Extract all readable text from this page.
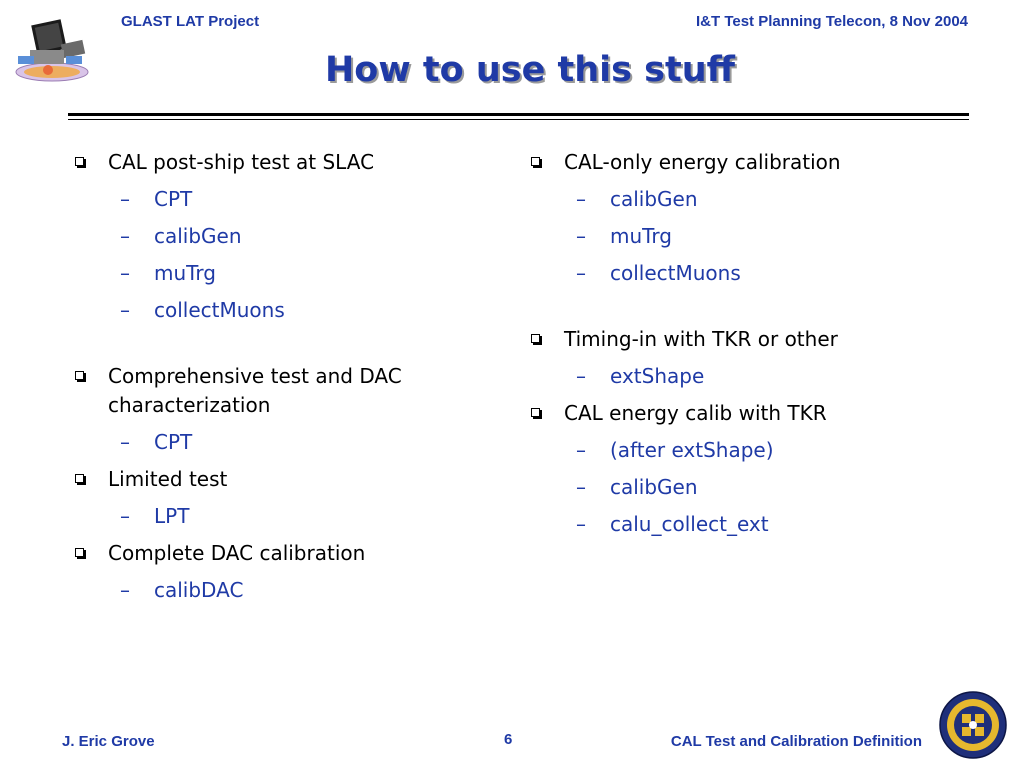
GLAST LAT Project	I&T Test Planning Telecon, 8 Nov 2004
How to use this stuff
CAL post-ship test at SLAC
– CPT
– calibGen
– muTrg
– collectMuons
Comprehensive test and DAC characterization
– CPT
Limited test
– LPT
Complete DAC calibration
– calibDAC
CAL-only energy calibration
– calibGen
– muTrg
– collectMuons
Timing-in with TKR or other
– extShape
CAL energy calib with TKR
– (after extShape)
– calibGen
– calu_collect_ext
J. Eric Grove	6	CAL Test and Calibration Definition
